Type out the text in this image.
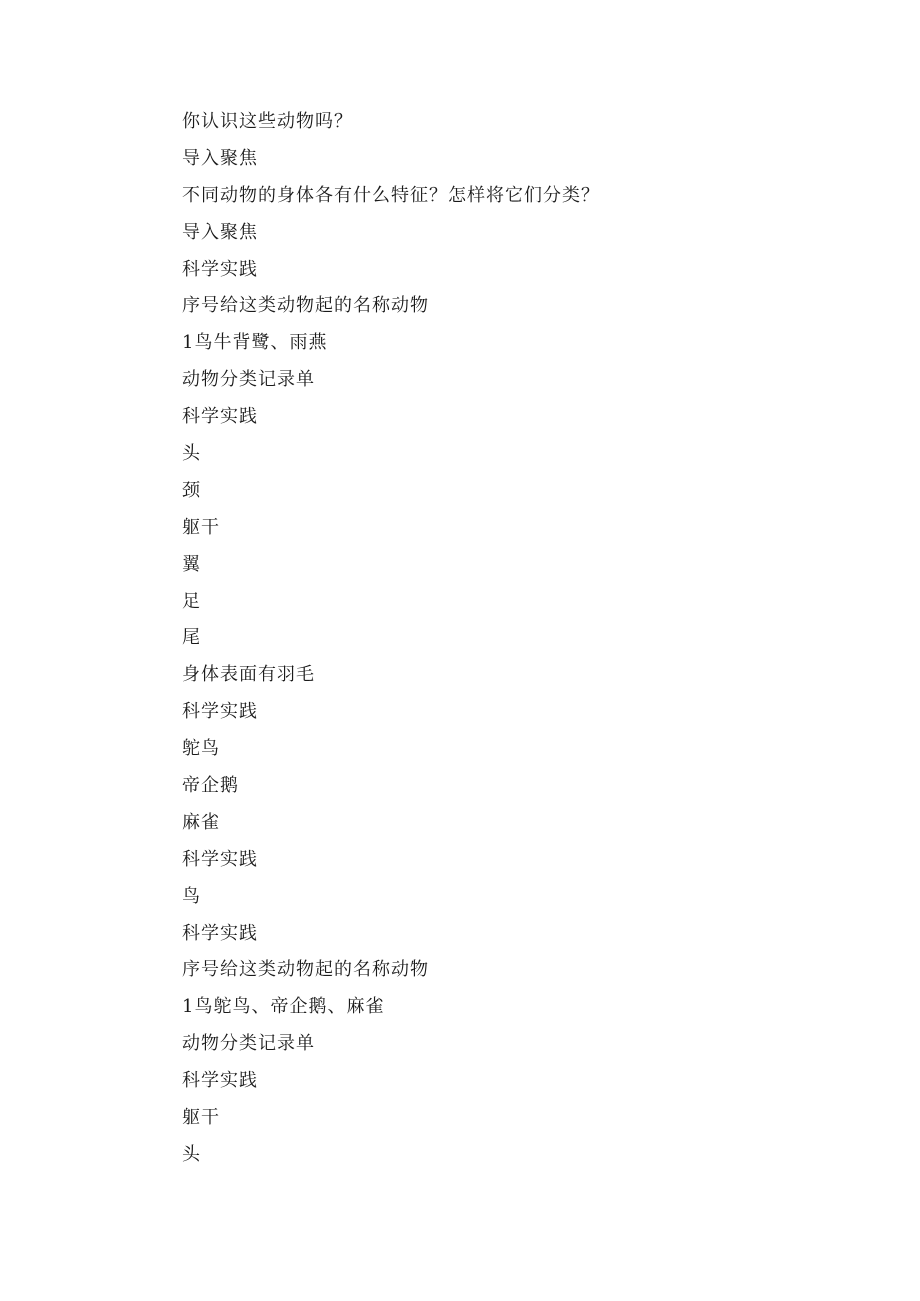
你认识这些动物吗？
导入聚焦
不同动物的身体各有什么特征？怎样将它们分类？
导入聚焦
科学实践
序号给这类动物起的名称动物
1鸟牛背鹭、雨燕
动物分类记录单
科学实践
头
颈
躯干
翼
足
尾
身体表面有羽毛
科学实践
鸵鸟
帝企鹅
麻雀
科学实践
鸟
科学实践
序号给这类动物起的名称动物
1鸟鸵鸟、帝企鹅、麻雀
动物分类记录单
科学实践
躯干
头
